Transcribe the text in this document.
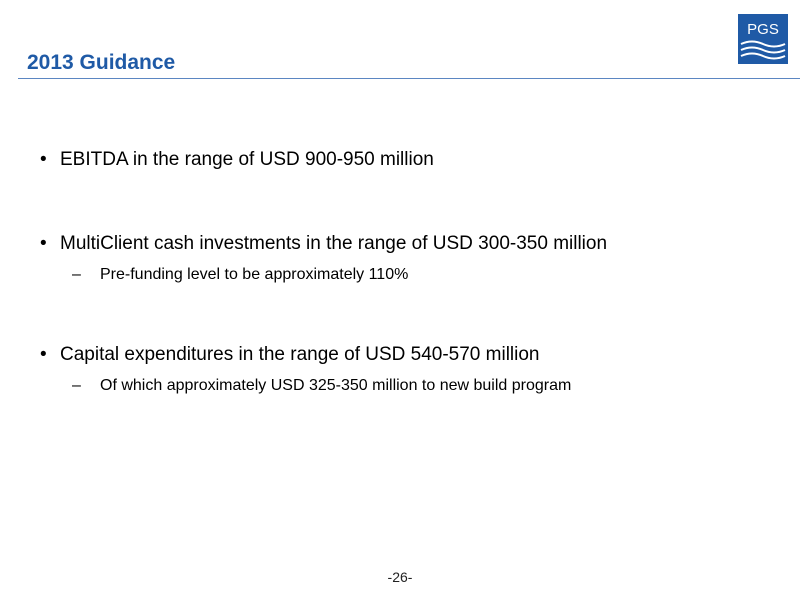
2013 Guidance
PGS
• EBITDA in the range of USD 900-950 million
• MultiClient cash investments in the range of USD 300-350 million
– Pre-funding level to be approximately 110%
• Capital expenditures in the range of USD 540-570 million
– Of which approximately USD 325-350 million to new build program
-26-
